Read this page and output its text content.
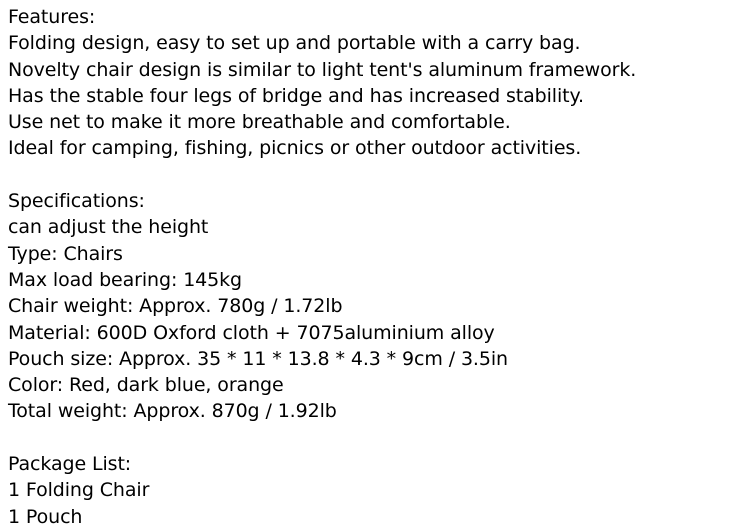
Features:
Folding design, easy to set up and portable with a carry bag.
Novelty chair design is similar to light tent's aluminum framework.
Has the stable four legs of bridge and has increased stability.
Use net to make it more breathable and comfortable.
Ideal for camping, fishing, picnics or other outdoor activities.
Specifications:
can adjust the height
Type: Chairs
Max load bearing: 145kg
Chair weight: Approx. 780g / 1.72lb
Material: 600D Oxford cloth + 7075aluminium alloy
Pouch size: Approx. 35 * 11 * 13.8 * 4.3 * 9cm / 3.5in
Color: Red, dark blue, orange
Total weight: Approx. 870g / 1.92lb
Package List:
1 Folding Chair
1 Pouch
